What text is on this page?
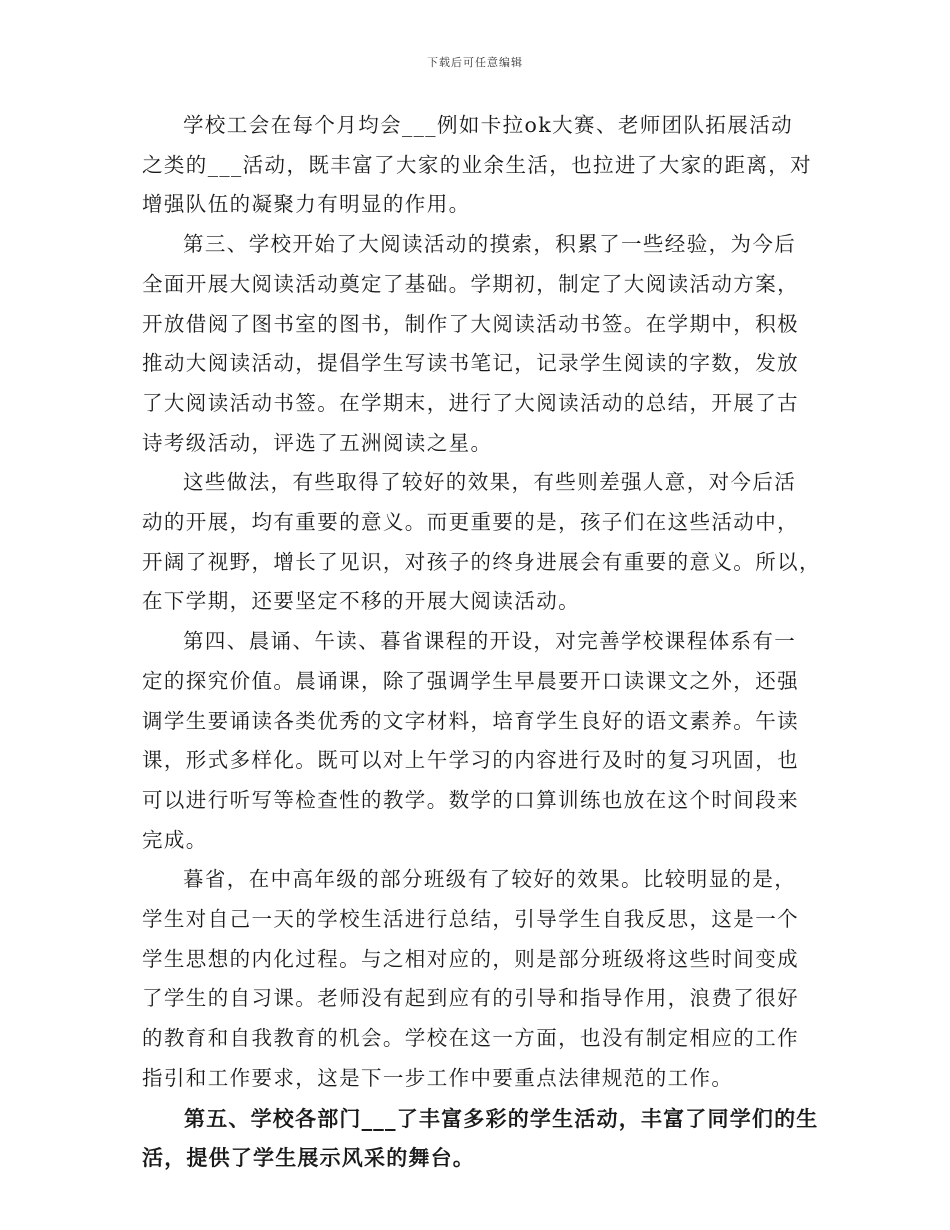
下载后可任意编辑
学校工会在每个月均会___例如卡拉ok大赛、老师团队拓展活动
之类的___活动，既丰富了大家的业余生活，也拉进了大家的距离，对
增强队伍的凝聚力有明显的作用。
第三、学校开始了大阅读活动的摸索，积累了一些经验，为今后
全面开展大阅读活动奠定了基础。学期初，制定了大阅读活动方案，
开放借阅了图书室的图书，制作了大阅读活动书签。在学期中，积极
推动大阅读活动，提倡学生写读书笔记，记录学生阅读的字数，发放
了大阅读活动书签。在学期末，进行了大阅读活动的总结，开展了古
诗考级活动，评选了五洲阅读之星。
这些做法，有些取得了较好的效果，有些则差强人意，对今后活
动的开展，均有重要的意义。而更重要的是，孩子们在这些活动中，
开阔了视野，增长了见识，对孩子的终身进展会有重要的意义。所以，
在下学期，还要坚定不移的开展大阅读活动。
第四、晨诵、午读、暮省课程的开设，对完善学校课程体系有一
定的探究价值。晨诵课，除了强调学生早晨要开口读课文之外，还强
调学生要诵读各类优秀的文字材料，培育学生良好的语文素养。午读
课，形式多样化。既可以对上午学习的内容进行及时的复习巩固，也
可以进行听写等检查性的教学。数学的口算训练也放在这个时间段来
完成。
暮省，在中高年级的部分班级有了较好的效果。比较明显的是，
学生对自己一天的学校生活进行总结，引导学生自我反思，这是一个
学生思想的内化过程。与之相对应的，则是部分班级将这些时间变成
了学生的自习课。老师没有起到应有的引导和指导作用，浪费了很好
的教育和自我教育的机会。学校在这一方面，也没有制定相应的工作
指引和工作要求，这是下一步工作中要重点法律规范的工作。
第五、学校各部门___了丰富多彩的学生活动，丰富了同学们的生
活，提供了学生展示风采的舞台。
